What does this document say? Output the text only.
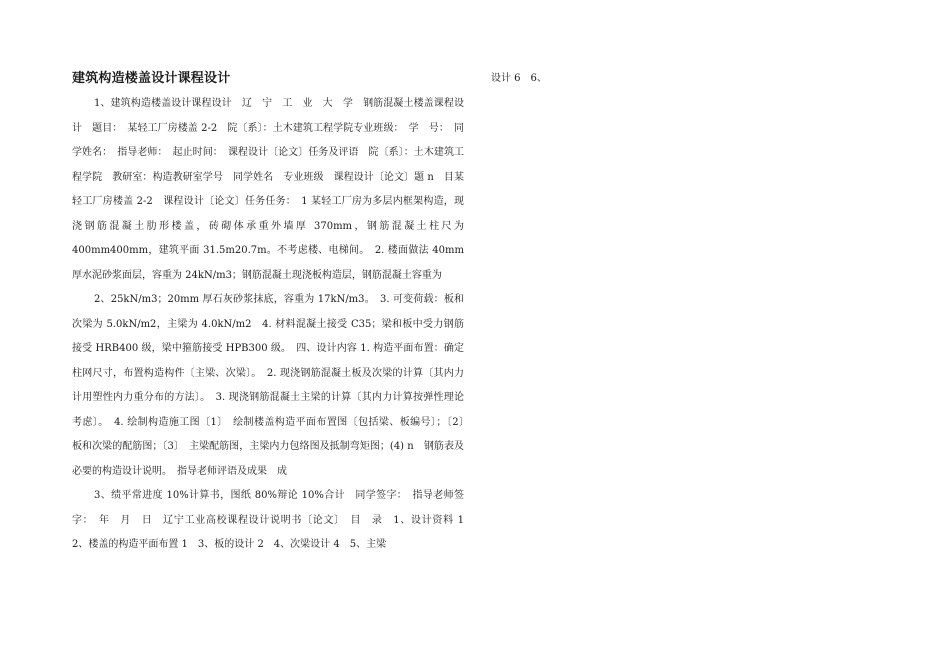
建筑构造楼盖设计课程设计	设计 6　6、

1、建筑构造楼盖设计课程设计　辽　宁　工　业　大　学　钢筋混凝土楼盖课程设计　题目：　某轻工厂房楼盖 2-2　院〔系〕：土木建筑工程学院专业班级：　学　号：　同学姓名：　指导老师：　起止时间：　课程设计〔论文〕任务及评语　院〔系〕：土木建筑工程学院　教研室：构造教研室学号　同学姓名　专业班级　课程设计〔论文〕题 n　目某轻工厂房楼盖 2-2　课程设计〔论文〕任务任务：　1 某轻工厂房为多层内框架构造，现浇钢筋混凝土肋形楼盖，砖砌体承重外墙厚 370mm，钢筋混凝土柱尺为 400mm400mm，建筑平面 31.5m20.7m。不考虑楼、电梯间。　2. 楼面做法 40mm 厚水泥砂浆面层，容重为 24kN/m3；钢筋混凝土现浇板构造层，钢筋混凝土容重为

2、25kN/m3；20mm 厚石灰砂浆抹底，容重为 17kN/m3。　3. 可变荷载：板和次梁为 5.0kN/m2，主梁为 4.0kN/m2　4. 材料混凝土接受 C35；梁和板中受力钢筋接受 HRB400 级，梁中箍筋接受 HPB300 级。　四、设计内容 1. 构造平面布置：确定柱网尺寸，布置构造构件〔主梁、次梁〕。　2. 现浇钢筋混凝土板及次梁的计算〔其内力计用塑性内力重分布的方法〕。　3. 现浇钢筋混凝土主梁的计算〔其内力计算按弹性理论考虑〕。　4. 绘制构造施工图〔1〕　绘制楼盖构造平面布置图〔包括梁、板编号〕；〔2〕　板和次梁的配筋图；〔3〕　主梁配筋图，主梁内力包络图及抵制弯矩图；(4) n　钢筋表及必要的构造设计说明。　指导老师评语及成果　成

3、绩平常进度 10%计算书，图纸 80%辩论 10%合计　同学签字：　指导老师签字：　年　月　日　辽宁工业高校课程设计说明书〔论文〕　目　录　1、设计资料 1　2、楼盖的构造平面布置 1　3、板的设计 2　4、次梁设计 4　5、主梁
